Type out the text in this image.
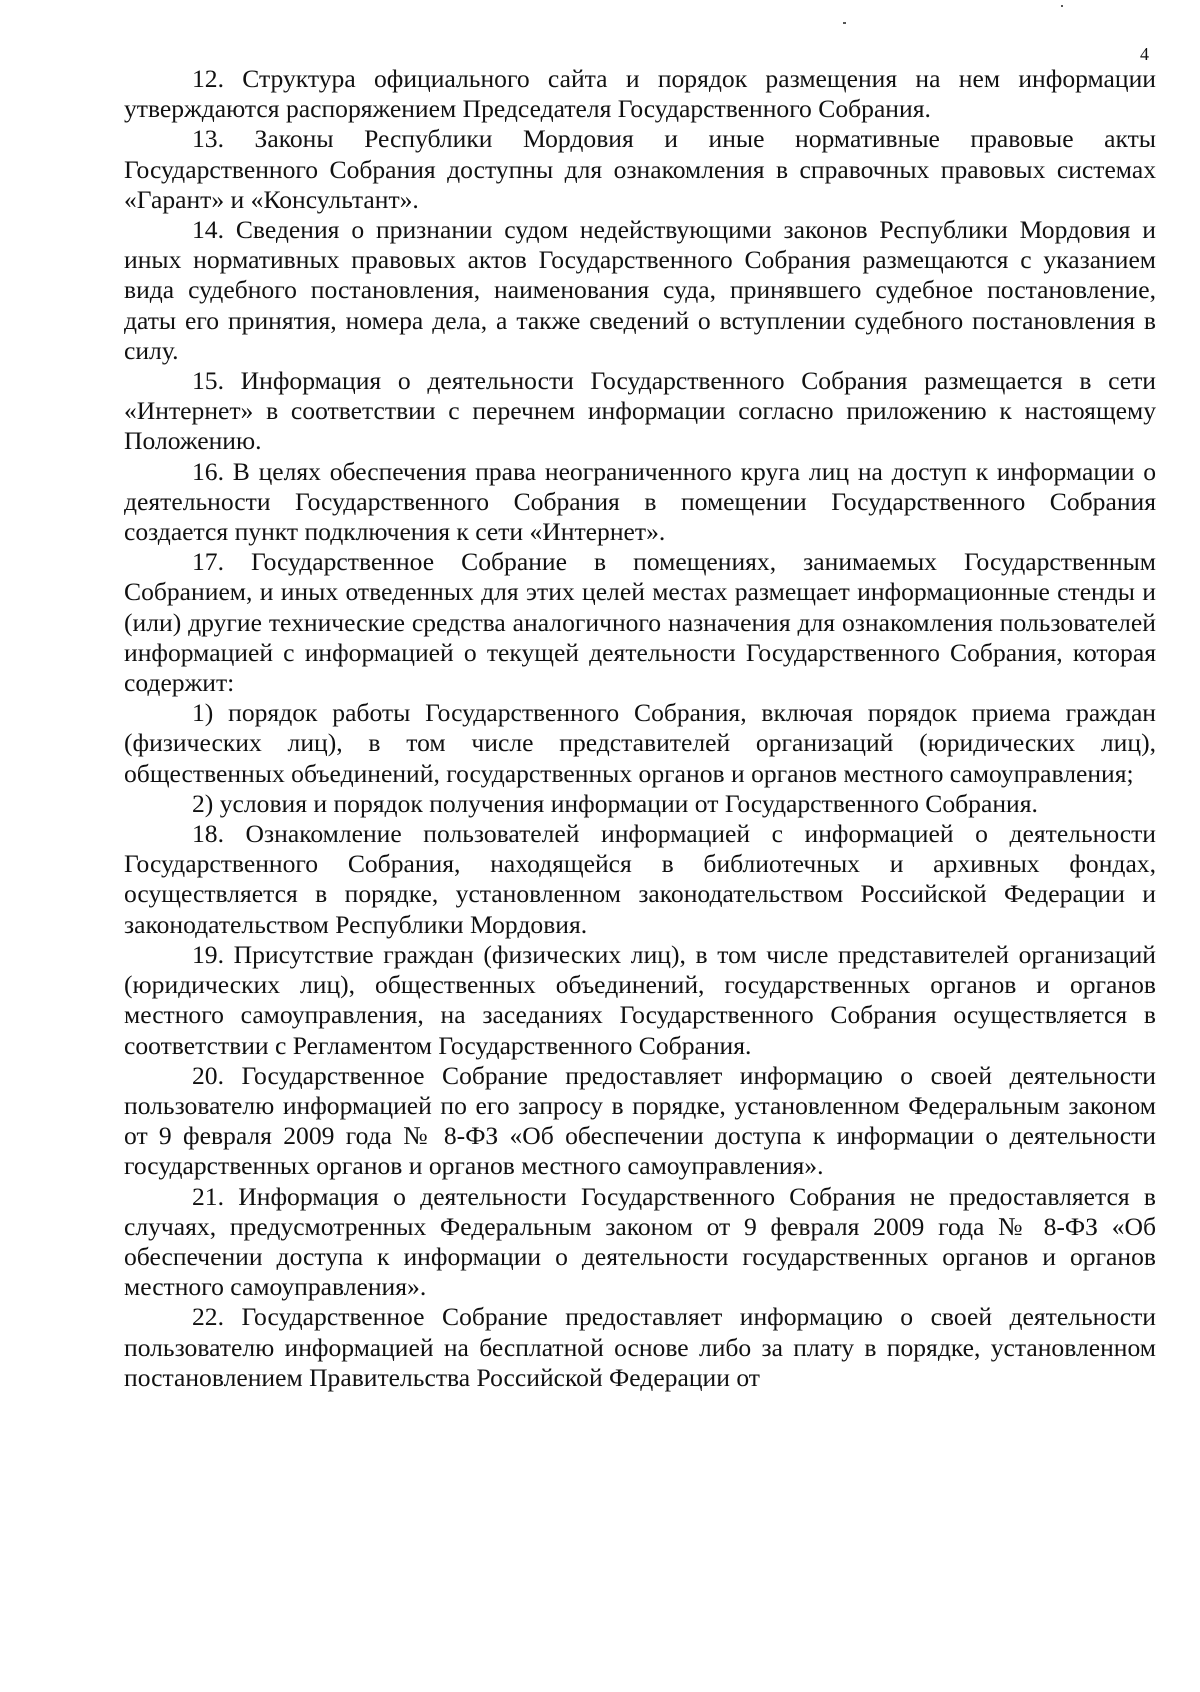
4

12. Структура официального сайта и порядок размещения на нем информации утверждаются распоряжением Председателя Государственного Собрания.

13. Законы Республики Мордовия и иные нормативные правовые акты Государственного Собрания доступны для ознакомления в справочных правовых системах «Гарант» и «Консультант».

14. Сведения о признании судом недействующими законов Республики Мордовия и иных нормативных правовых актов Государственного Собрания размещаются с указанием вида судебного постановления, наименования суда, принявшего судебное постановление, даты его принятия, номера дела, а также сведений о вступлении судебного постановления в силу.

15. Информация о деятельности Государственного Собрания размещается в сети «Интернет» в соответствии с перечнем информации согласно приложению к настоящему Положению.

16. В целях обеспечения права неограниченного круга лиц на доступ к информации о деятельности Государственного Собрания в помещении Государственного Собрания создается пункт подключения к сети «Интернет».

17. Государственное Собрание в помещениях, занимаемых Государственным Собранием, и иных отведенных для этих целей местах размещает информационные стенды и (или) другие технические средства аналогичного назначения для ознакомления пользователей информацией с информацией о текущей деятельности Государственного Собрания, которая содержит:

1) порядок работы Государственного Собрания, включая порядок приема граждан (физических лиц), в том числе представителей организаций (юридических лиц), общественных объединений, государственных органов и органов местного самоуправления;

2) условия и порядок получения информации от Государственного Собрания.

18. Ознакомление пользователей информацией с информацией о деятельности Государственного Собрания, находящейся в библиотечных и архивных фондах, осуществляется в порядке, установленном законодательством Российской Федерации и законодательством Республики Мордовия.

19. Присутствие граждан (физических лиц), в том числе представителей организаций (юридических лиц), общественных объединений, государственных органов и органов местного самоуправления, на заседаниях Государственного Собрания осуществляется в соответствии с Регламентом Государственного Собрания.

20. Государственное Собрание предоставляет информацию о своей деятельности пользователю информацией по его запросу в порядке, установленном Федеральным законом от 9 февраля 2009 года № 8-ФЗ «Об обеспечении доступа к информации о деятельности государственных органов и органов местного самоуправления».

21. Информация о деятельности Государственного Собрания не предоставляется в случаях, предусмотренных Федеральным законом от 9 февраля 2009 года № 8-ФЗ «Об обеспечении доступа к информации о деятельности государственных органов и органов местного самоуправления».

22. Государственное Собрание предоставляет информацию о своей деятельности пользователю информацией на бесплатной основе либо за плату в порядке, установленном постановлением Правительства Российской Федерации от
